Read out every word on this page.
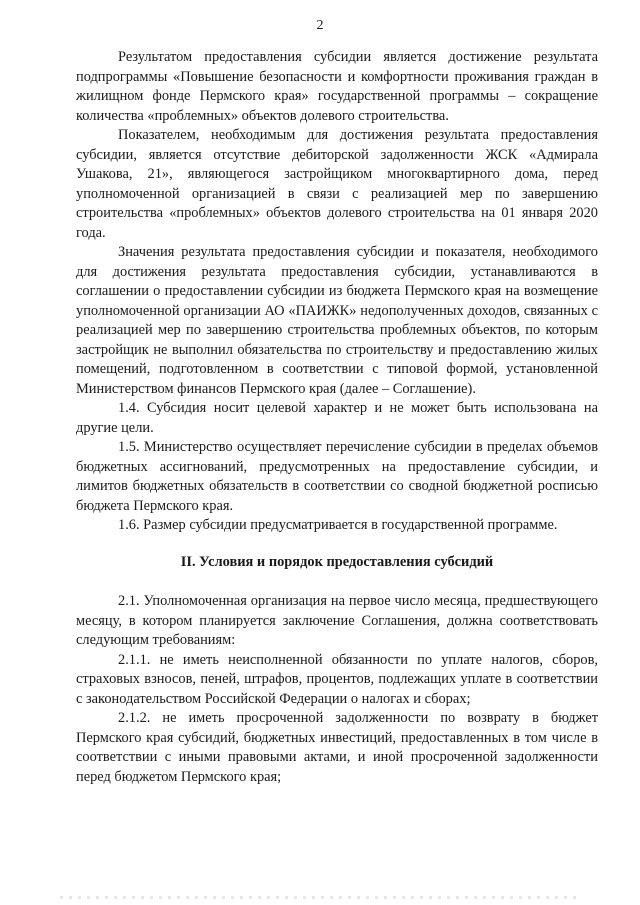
2

Результатом предоставления субсидии является достижение результата подпрограммы «Повышение безопасности и комфортности проживания граждан в жилищном фонде Пермского края» государственной программы – сокращение количества «проблемных» объектов долевого строительства.

Показателем, необходимым для достижения результата предоставления субсидии, является отсутствие дебиторской задолженности ЖСК «Адмирала Ушакова, 21», являющегося застройщиком многоквартирного дома, перед уполномоченной организацией в связи с реализацией мер по завершению строительства «проблемных» объектов долевого строительства на 01 января 2020 года.

Значения результата предоставления субсидии и показателя, необходимого для достижения результата предоставления субсидии, устанавливаются в соглашении о предоставлении субсидии из бюджета Пермского края на возмещение уполномоченной организации АО «ПАИЖК» недополученных доходов, связанных с реализацией мер по завершению строительства проблемных объектов, по которым застройщик не выполнил обязательства по строительству и предоставлению жилых помещений, подготовленном в соответствии с типовой формой, установленной Министерством финансов Пермского края (далее – Соглашение).

1.4. Субсидия носит целевой характер и не может быть использована на другие цели.

1.5. Министерство осуществляет перечисление субсидии в пределах объемов бюджетных ассигнований, предусмотренных на предоставление субсидии, и лимитов бюджетных обязательств в соответствии со сводной бюджетной росписью бюджета Пермского края.

1.6. Размер субсидии предусматривается в государственной программе.

II. Условия и порядок предоставления субсидий

2.1. Уполномоченная организация на первое число месяца, предшествующего месяцу, в котором планируется заключение Соглашения, должна соответствовать следующим требованиям:

2.1.1. не иметь неисполненной обязанности по уплате налогов, сборов, страховых взносов, пеней, штрафов, процентов, подлежащих уплате в соответствии с законодательством Российской Федерации о налогах и сборах;

2.1.2. не иметь просроченной задолженности по возврату в бюджет Пермского края субсидий, бюджетных инвестиций, предоставленных в том числе в соответствии с иными правовыми актами, и иной просроченной задолженности перед бюджетом Пермского края;
